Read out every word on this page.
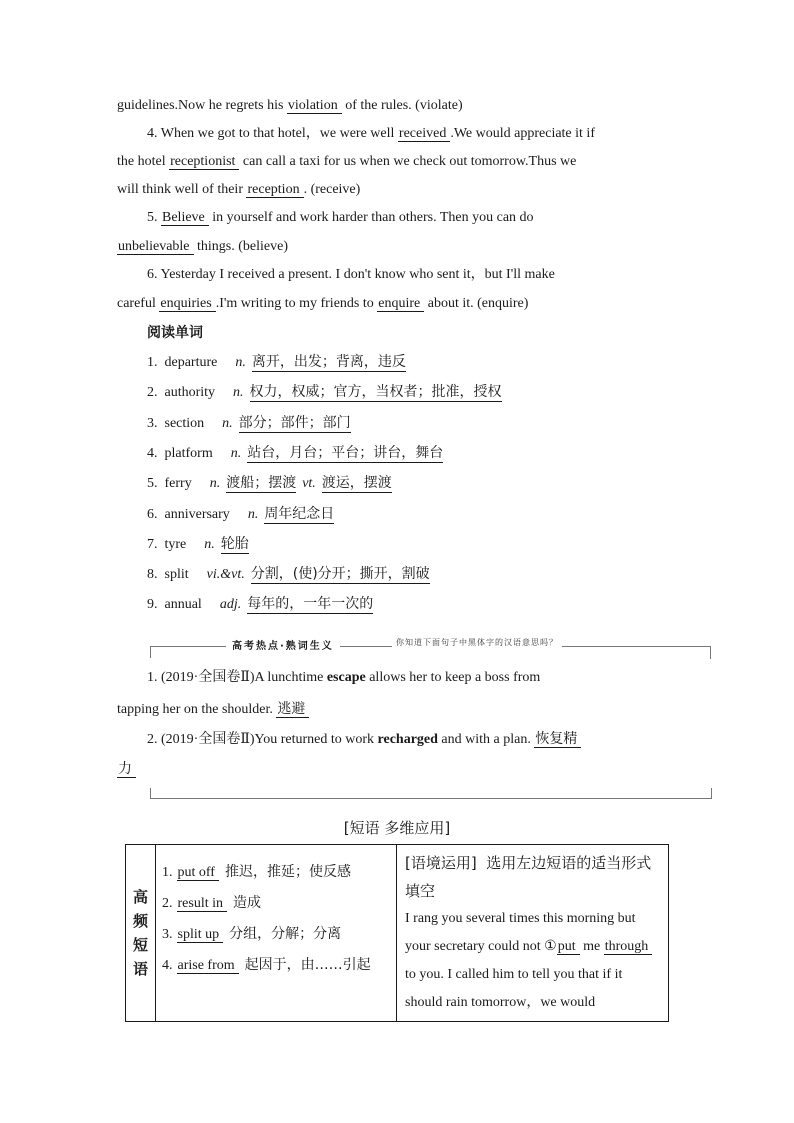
guidelines.Now he regrets his violation of the rules. (violate)
4. When we got to that hotel，we were well received .We would appreciate it if
the hotel receptionist can call a taxi for us when we check out tomorrow.Thus we
will think well of their reception . (receive)
5. Believe in yourself and work harder than others. Then you can do
unbelievable things. (believe)
6. Yesterday I received a present. I don't know who sent it，but I'll make
careful enquiries .I'm writing to my friends to enquire about it. (enquire)
阅读单词
1. departure n. 离开，出发；背离，违反
2. authority n. 权力，权威；官方，当权者；批准，授权
3. section n. 部分；部件；部门
4. platform n. 站台，月台；平台；讲台，舞台
5. ferry n. 渡船；摆渡 vt. 渡运，摆渡
6. anniversary n. 周年纪念日
7. tyre n. 轮胎
8. split vi.&vt. 分割，(使)分开；撕开，割破
9. annual adj. 每年的，一年一次的
高考热点·熟词生义	你知道下面句子中黑体字的汉语意思吗？
1. (2019·全国卷Ⅱ)A lunchtime escape allows her to keep a boss from
tapping her on the shoulder. 逃避
2. (2019·全国卷Ⅱ)You returned to work recharged and with a plan. 恢复精
力
[短语 多维应用]
高
频
短
语

1. put off 推迟，推延；使反感
2. result in 造成
3. split up 分组，分解；分离
4. arise from 起因于，由……引起

[语境运用] 选用左边短语的适当形式填空
I rang you several times this morning but
your secretary could not ①put me through
to you. I called him to tell you that if it
should rain tomorrow，we would
